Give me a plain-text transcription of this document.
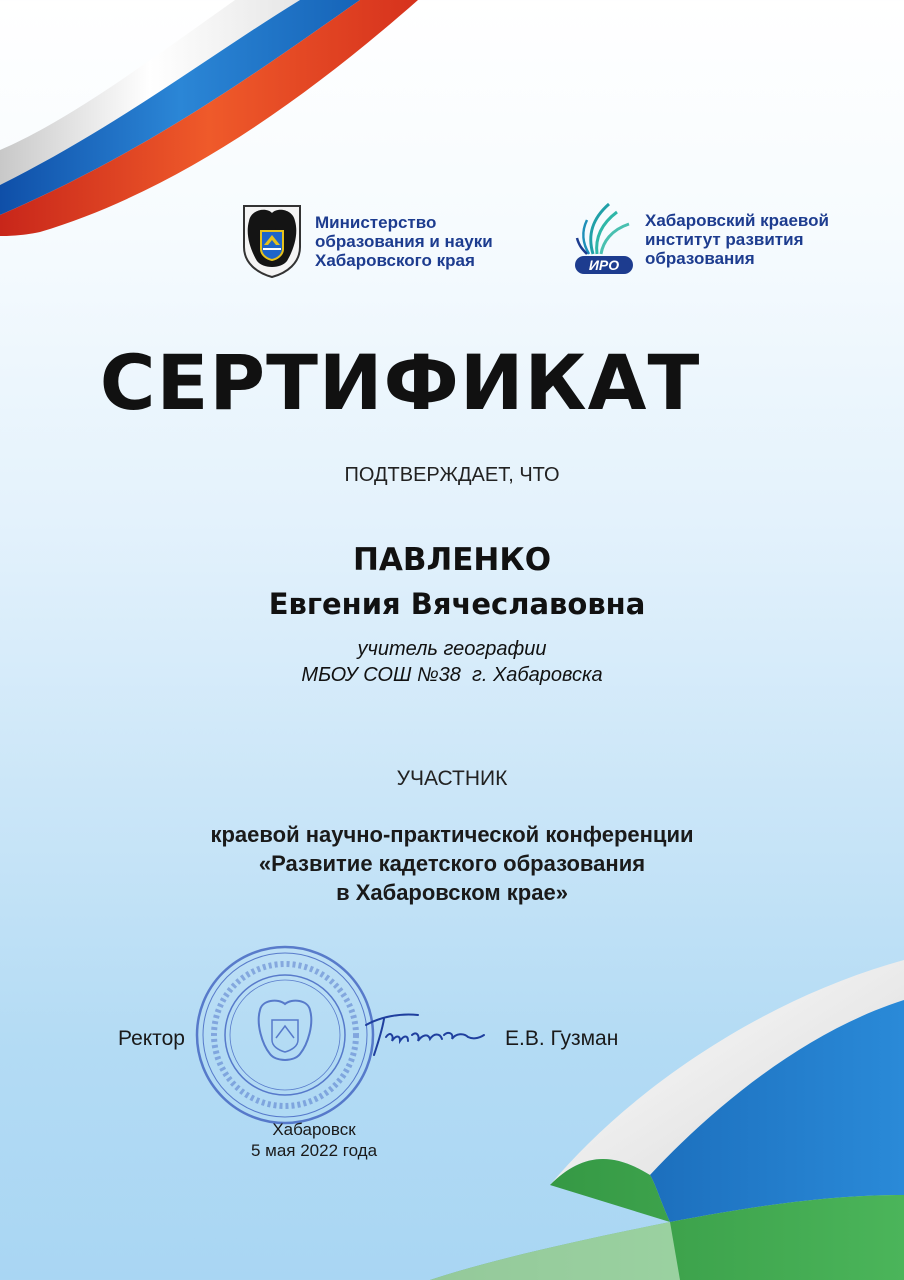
Министерство
образования и науки
Хабаровского края	ИРО
Хабаровский краевой
институт развития
образования
СЕРТИФИКАТ
ПОДТВЕРЖДАЕТ, ЧТО
ПАВЛЕНКО
Евгения Вячеславовна
учитель географии
МБОУ СОШ №38  г. Хабаровска
УЧАСТНИК
краевой научно-практической конференции
«Развитие кадетского образования
в Хабаровском крае»
Ректор	Е.В. Гузман
Хабаровск
5 мая 2022 года
